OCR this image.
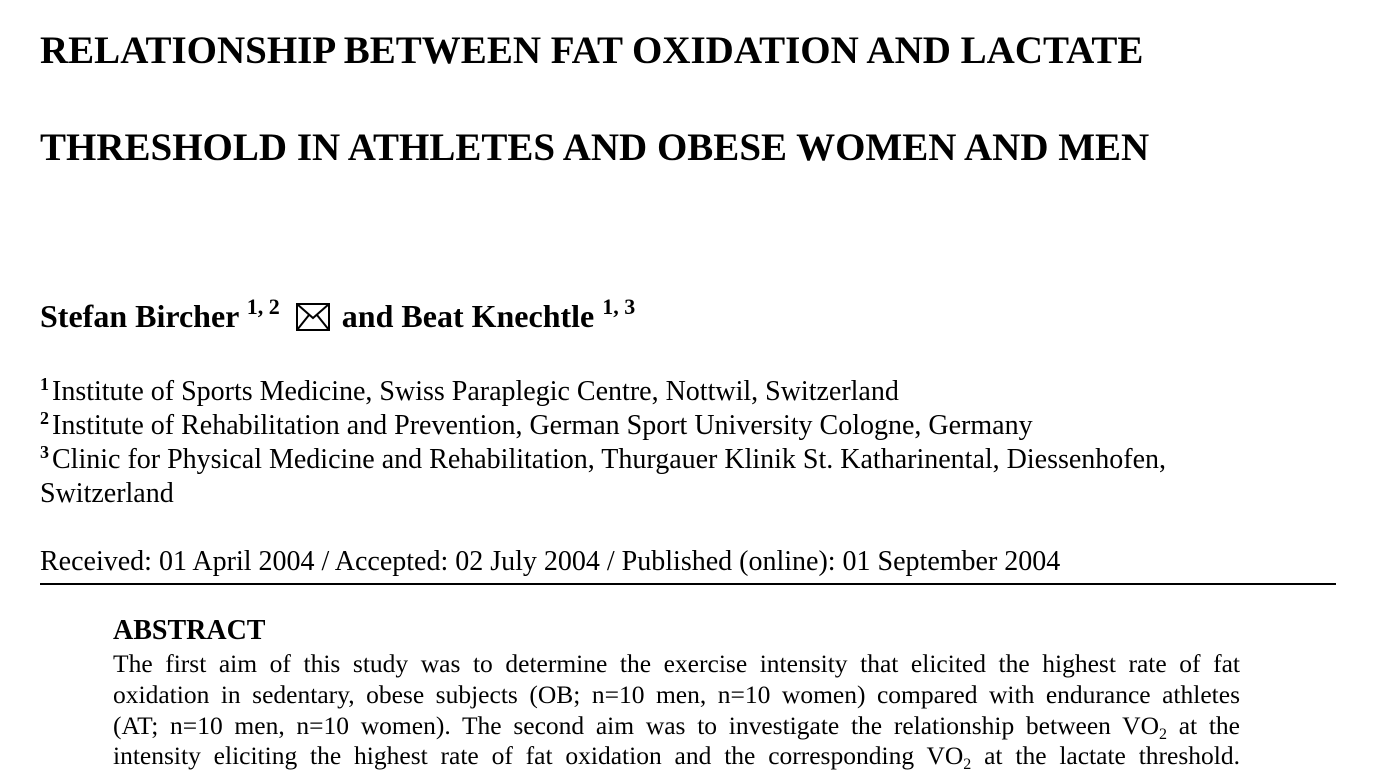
RELATIONSHIP BETWEEN FAT OXIDATION AND LACTATE
THRESHOLD IN ATHLETES AND OBESE WOMEN AND MEN
Stefan Bircher $^{1, 2}$ and Beat Knechtle $^{1, 3}$
$^1$ Institute of Sports Medicine, Swiss Paraplegic Centre, Nottwil, Switzerland
$^2$ Institute of Rehabilitation and Prevention, German Sport University Cologne, Germany
$^3$ Clinic for Physical Medicine and Rehabilitation, Thurgauer Klinik St. Katharinental, Diessenhofen,
Switzerland
Received: 01 April 2004 / Accepted: 02 July 2004 / Published (online): 01 September 2004
ABSTRACT
The first aim of this study was to determine the exercise intensity that elicited the highest rate of fat
oxidation in sedentary, obese subjects (OB; n=10 men, n=10 women) compared with endurance athletes
(AT; n=10 men, n=10 women). The second aim was to investigate the relationship between $VO_2$ at the
intensity eliciting the highest rate of fat oxidation and the corresponding $VO_2$ at the lactate threshold.
